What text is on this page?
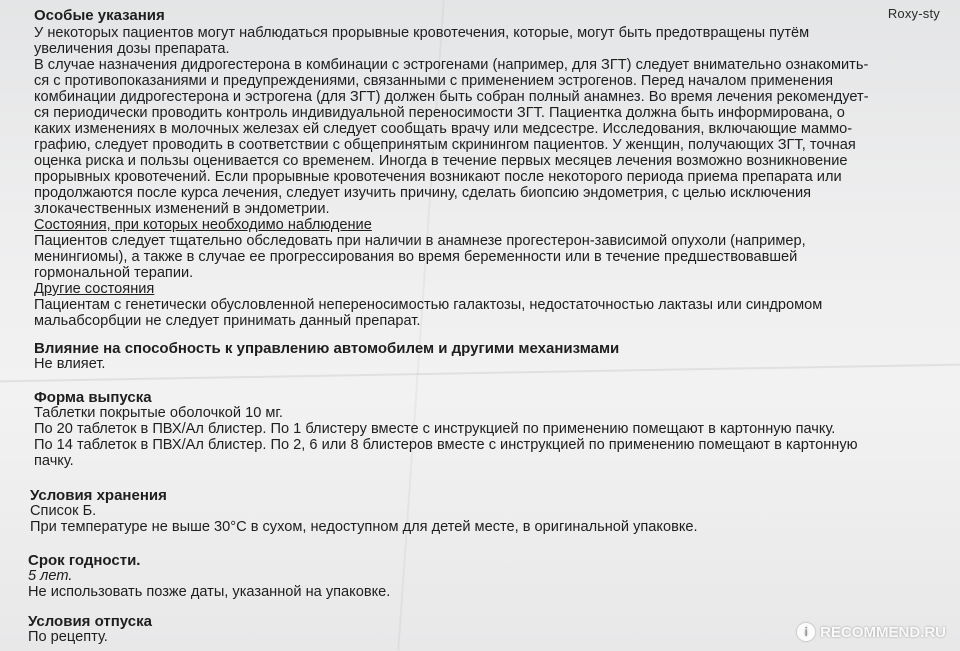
Особые указания
У некоторых пациентов могут наблюдаться прорывные кровотечения, которые, могут быть предотвращены путём
увеличения дозы препарата.
В случае назначения дидрогестерона в комбинации с эстрогенами (например, для ЗГТ) следует внимательно ознакомить-
ся с противопоказаниями и предупреждениями, связанными с применением эстрогенов. Перед началом применения
комбинации дидрогестерона и эстрогена (для ЗГТ) должен быть собран полный анамнез. Во время лечения рекомендует-
ся периодически проводить контроль индивидуальной переносимости ЗГТ. Пациентка должна быть информирована, о
каких изменениях в молочных железах ей следует сообщать врачу или медсестре. Исследования, включающие маммо-
графию, следует проводить в соответствии с общепринятым скринингом пациентов. У женщин, получающих ЗГТ, точная
оценка риска и пользы оценивается со временем. Иногда в течение первых месяцев лечения возможно возникновение
прорывных кровотечений. Если прорывные кровотечения возникают после некоторого периода приема препарата или
продолжаются после курса лечения, следует изучить причину, сделать биопсию эндометрия, с целью исключения
злокачественных изменений в эндометрии.
Состояния, при которых необходимо наблюдение
Пациентов следует тщательно обследовать при наличии в анамнезе прогестерон-зависимой опухоли (например,
менингиомы), а также в случае ее прогрессирования во время беременности или в течение предшествовавшей
гормональной терапии.
Другие состояния
Пациентам с генетически обусловленной непереносимостью галактозы, недостаточностью лактазы или синдромом
мальабсорбции не следует принимать данный препарат.
Влияние на способность к управлению автомобилем и другими механизмами
Не влияет.
Форма выпуска
Таблетки покрытые оболочкой 10 мг.
По 20 таблеток в ПВХ/Ал блистер. По 1 блистеру вместе с инструкцией по применению помещают в картонную пачку.
По 14 таблеток в ПВХ/Ал блистер. По 2, 6 или 8 блистеров вместе с инструкцией по применению помещают в картонную
пачку.
Условия хранения
Список Б.
При температуре не выше 30°С в сухом, недоступном для детей месте, в оригинальной упаковке.
Срок годности.
5 лет.
Не использовать позже даты, указанной на упаковке.
Условия отпуска
По рецепту.
Roxy-sty
i RECOMMEND.RU
